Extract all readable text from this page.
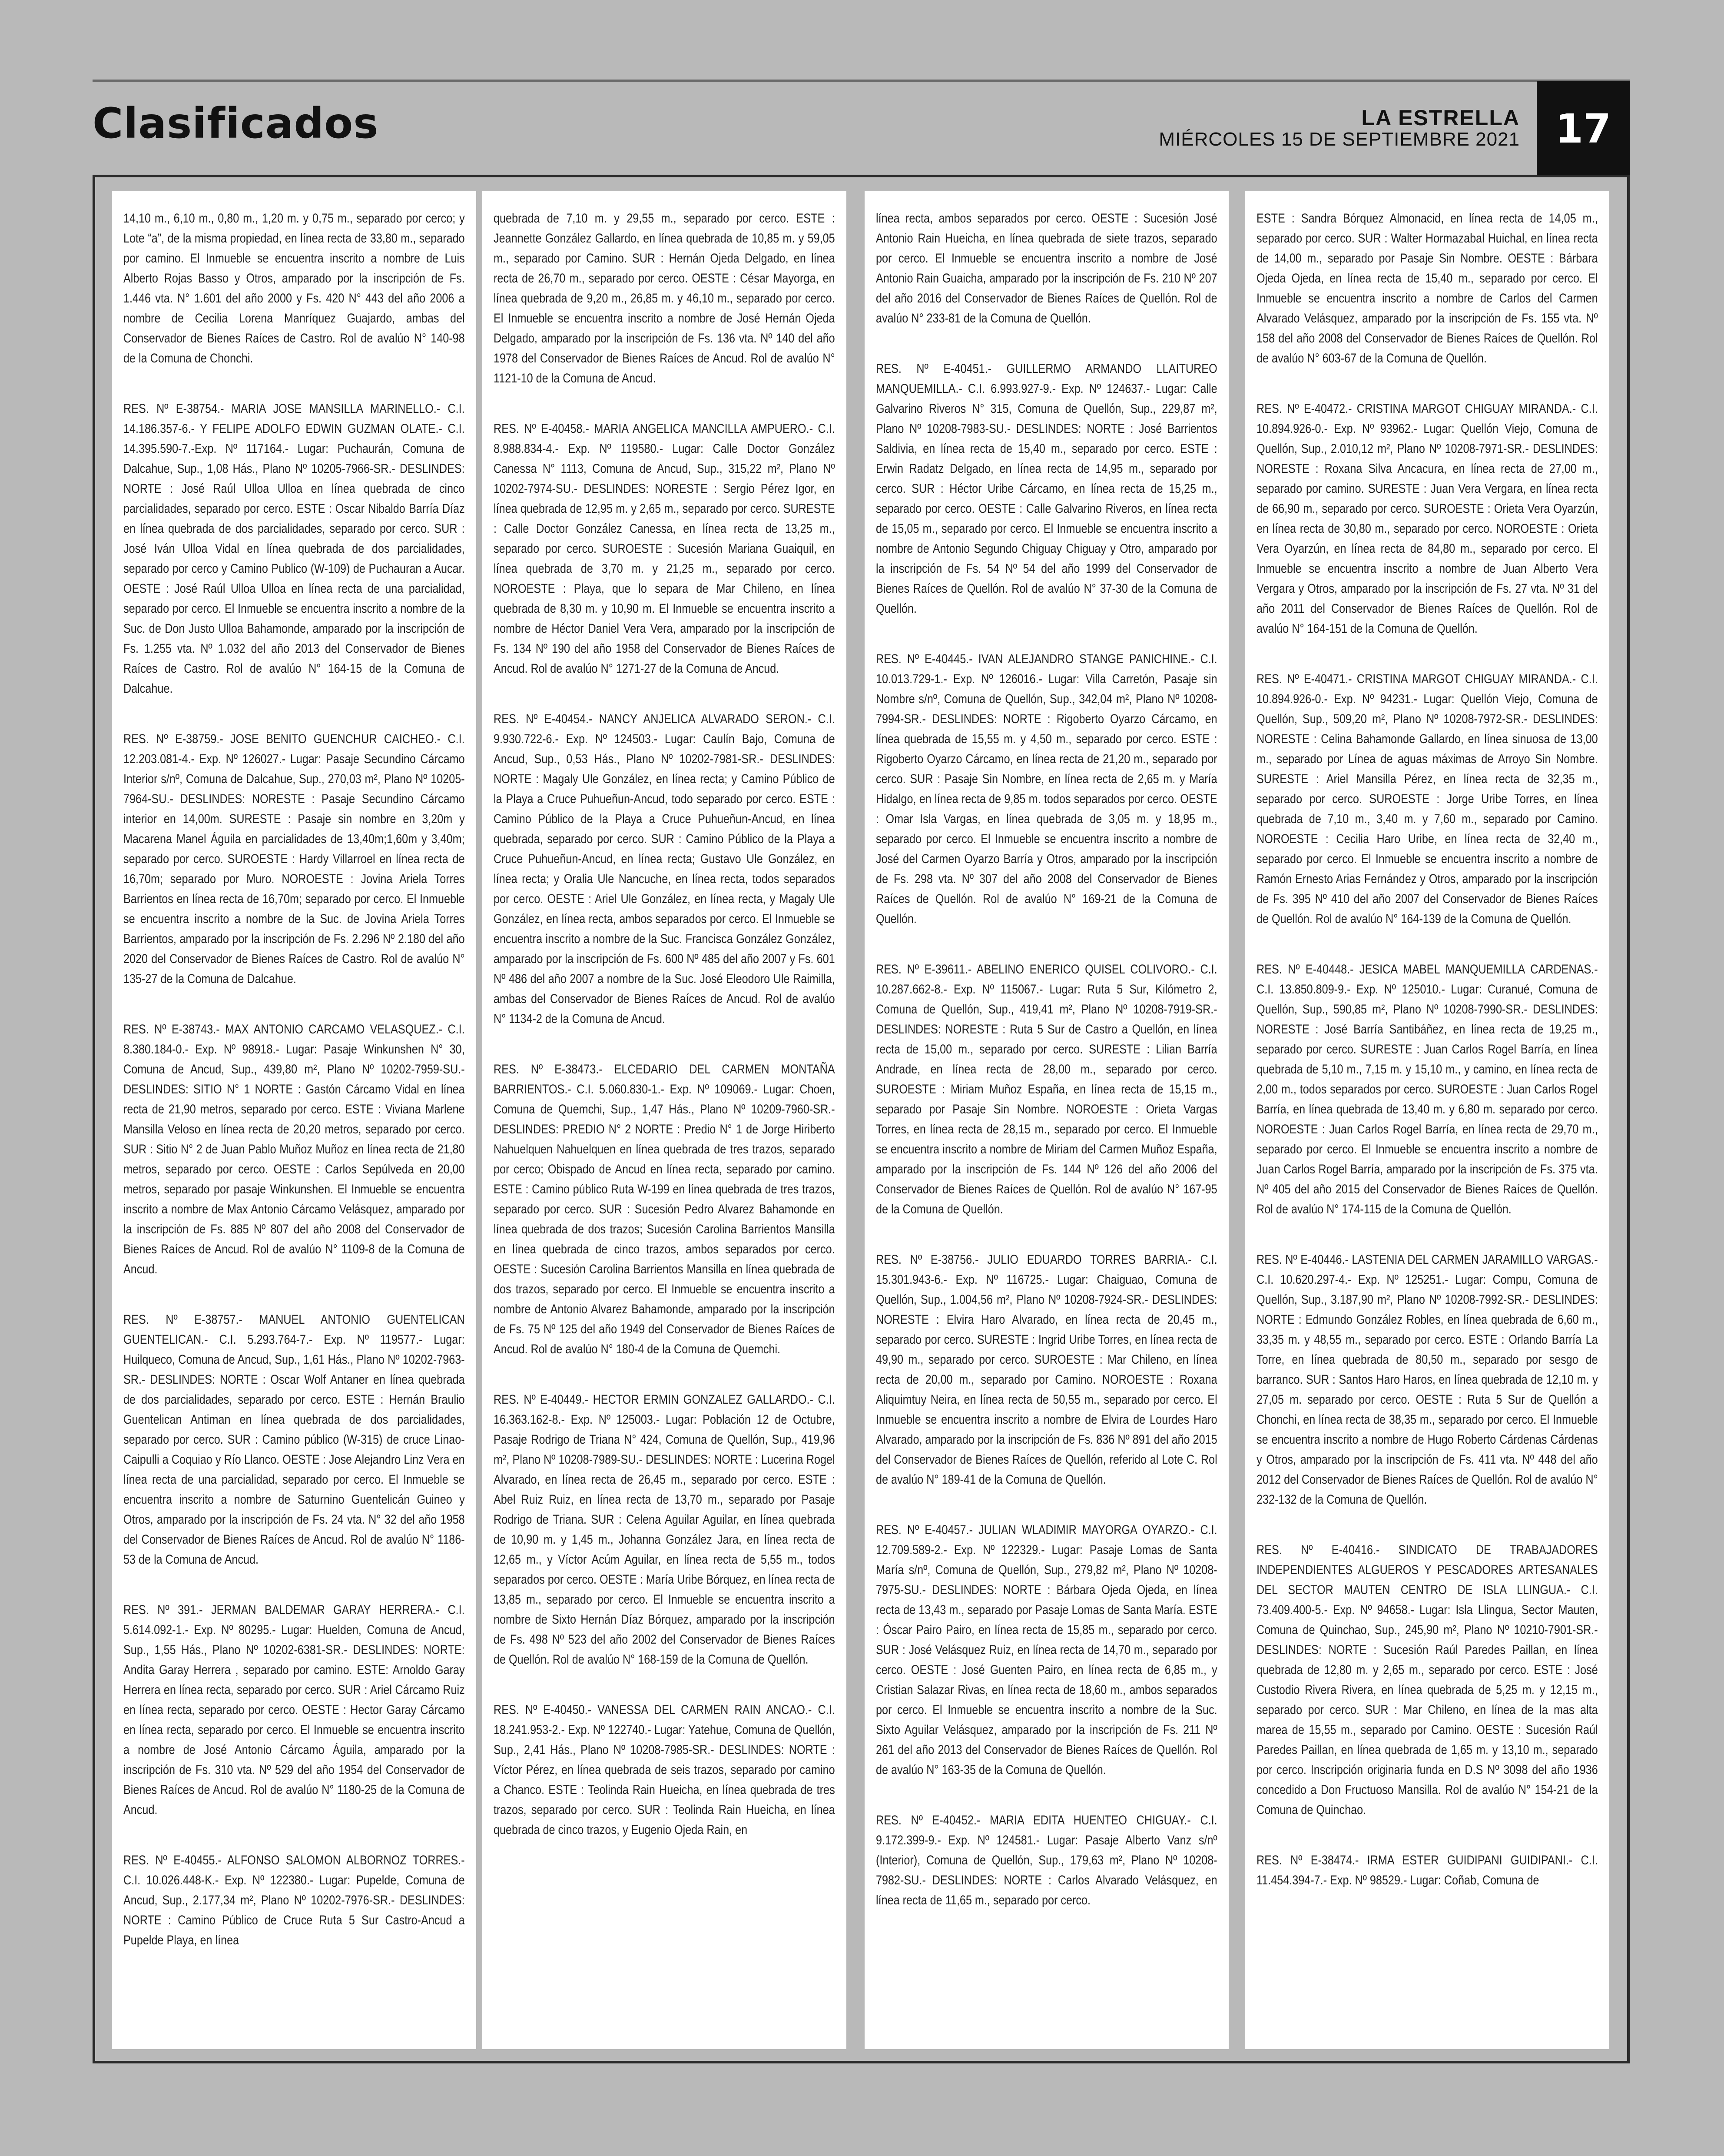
Clasificados	LA ESTRELLA
MIÉRCOLES 15 DE SEPTIEMBRE 2021 17

14,10 m., 6,10 m., 0,80 m., 1,20 m. y 0,75 m., separado por cerco; y Lote “a”, de la misma propiedad, en línea recta de 33,80 m., separado por camino. El Inmueble se encuentra inscrito a nombre de Luis Alberto Rojas Basso y Otros, amparado por la inscripción de Fs. 1.446 vta. N° 1.601 del año 2000 y Fs. 420 N° 443 del año 2006 a nombre de Cecilia Lorena Manríquez Guajardo, ambas del Conservador de Bienes Raíces de Castro. Rol de avalúo N° 140-98 de la Comuna de Chonchi.

RES. Nº E-38754.- MARIA JOSE MANSILLA MARINELLO.- C.I. 14.186.357-6.- Y FELIPE ADOLFO EDWIN GUZMAN OLATE.- C.I. 14.395.590-7.-Exp. Nº 117164.- Lugar: Puchaurán, Comuna de Dalcahue, Sup., 1,08 Hás., Plano Nº 10205-7966-SR.- DESLINDES: NORTE : José Raúl Ulloa Ulloa en línea quebrada de cinco parcialidades, separado por cerco. ESTE : Oscar Nibaldo Barría Díaz en línea quebrada de dos parcialidades, separado por cerco. SUR : José Iván Ulloa Vidal en línea quebrada de dos parcialidades, separado por cerco y Camino Publico (W-109) de Puchauran a Aucar. OESTE : José Raúl Ulloa Ulloa en línea recta de una parcialidad, separado por cerco. El Inmueble se encuentra inscrito a nombre de la Suc. de Don Justo Ulloa Bahamonde, amparado por la inscripción de Fs. 1.255 vta. Nº 1.032 del año 2013 del Conservador de Bienes Raíces de Castro. Rol de avalúo N° 164-15 de la Comuna de Dalcahue.

RES. Nº E-38759.- JOSE BENITO GUENCHUR CAICHEO.- C.I. 12.203.081-4.- Exp. Nº 126027.- Lugar: Pasaje Secundino Cárcamo Interior s/nº, Comuna de Dalcahue, Sup., 270,03 m², Plano Nº 10205-7964-SU.- DESLINDES: NORESTE : Pasaje Secundino Cárcamo interior en 14,00m. SURESTE : Pasaje sin nombre en 3,20m y Macarena Manel Águila en parcialidades de 13,40m;1,60m y 3,40m; separado por cerco. SUROESTE : Hardy Villarroel en línea recta de 16,70m; separado por Muro. NOROESTE : Jovina Ariela Torres Barrientos en línea recta de 16,70m; separado por cerco. El Inmueble se encuentra inscrito a nombre de la Suc. de Jovina Ariela Torres Barrientos, amparado por la inscripción de Fs. 2.296 Nº 2.180 del año 2020 del Conservador de Bienes Raíces de Castro. Rol de avalúo N° 135-27 de la Comuna de Dalcahue.

RES. Nº E-38743.- MAX ANTONIO CARCAMO VELASQUEZ.- C.I. 8.380.184-0.- Exp. Nº 98918.- Lugar: Pasaje Winkunshen N° 30, Comuna de Ancud, Sup., 439,80 m², Plano Nº 10202-7959-SU.- DESLINDES: SITIO N° 1 NORTE : Gastón Cárcamo Vidal en línea recta de 21,90 metros, separado por cerco. ESTE : Viviana Marlene Mansilla Veloso en línea recta de 20,20 metros, separado por cerco. SUR : Sitio N° 2 de Juan Pablo Muñoz Muñoz en línea recta de 21,80 metros, separado por cerco. OESTE : Carlos Sepúlveda en 20,00 metros, separado por pasaje Winkunshen. El Inmueble se encuentra inscrito a nombre de Max Antonio Cárcamo Velásquez, amparado por la inscripción de Fs. 885 Nº 807 del año 2008 del Conservador de Bienes Raíces de Ancud. Rol de avalúo N° 1109-8 de la Comuna de Ancud.

RES. Nº E-38757.- MANUEL ANTONIO GUENTELICAN GUENTELICAN.- C.I. 5.293.764-7.- Exp. Nº 119577.- Lugar: Huilqueco, Comuna de Ancud, Sup., 1,61 Hás., Plano Nº 10202-7963-SR.- DESLINDES: NORTE : Oscar Wolf Antaner en línea quebrada de dos parcialidades, separado por cerco. ESTE : Hernán Braulio Guentelican Antiman en línea quebrada de dos parcialidades, separado por cerco. SUR : Camino público (W-315) de cruce Linao-Caipulli a Coquiao y Río Llanco. OESTE : Jose Alejandro Linz Vera en línea recta de una parcialidad, separado por cerco. El Inmueble se encuentra inscrito a nombre de Saturnino Guentelicán Guineo y Otros, amparado por la inscripción de Fs. 24 vta. N° 32 del año 1958 del Conservador de Bienes Raíces de Ancud. Rol de avalúo N° 1186-53 de la Comuna de Ancud.

RES. Nº 391.- JERMAN BALDEMAR GARAY HERRERA.- C.I. 5.614.092-1.- Exp. Nº 80295.- Lugar: Huelden, Comuna de Ancud, Sup., 1,55 Hás., Plano Nº 10202-6381-SR.- DESLINDES: NORTE: Andita Garay Herrera , separado por camino. ESTE: Arnoldo Garay Herrera en línea recta, separado por cerco. SUR : Ariel Cárcamo Ruiz en línea recta, separado por cerco. OESTE : Hector Garay Cárcamo en línea recta, separado por cerco. El Inmueble se encuentra inscrito a nombre de José Antonio Cárcamo Águila, amparado por la inscripción de Fs. 310 vta. Nº 529 del año 1954 del Conservador de Bienes Raíces de Ancud. Rol de avalúo N° 1180-25 de la Comuna de Ancud.

RES. Nº E-40455.- ALFONSO SALOMON ALBORNOZ TORRES.- C.I. 10.026.448-K.- Exp. Nº 122380.- Lugar: Pupelde, Comuna de Ancud, Sup., 2.177,34 m², Plano Nº 10202-7976-SR.- DESLINDES: NORTE : Camino Público de Cruce Ruta 5 Sur Castro-Ancud a Pupelde Playa, en línea

quebrada de 7,10 m. y 29,55 m., separado por cerco. ESTE : Jeannette González Gallardo, en línea quebrada de 10,85 m. y 59,05 m., separado por Camino. SUR : Hernán Ojeda Delgado, en línea recta de 26,70 m., separado por cerco. OESTE : César Mayorga, en línea quebrada de 9,20 m., 26,85 m. y 46,10 m., separado por cerco. El Inmueble se encuentra inscrito a nombre de José Hernán Ojeda Delgado, amparado por la inscripción de Fs. 136 vta. Nº 140 del año 1978 del Conservador de Bienes Raíces de Ancud. Rol de avalúo N° 1121-10 de la Comuna de Ancud.

RES. Nº E-40458.- MARIA ANGELICA MANCILLA AMPUERO.- C.I. 8.988.834-4.- Exp. Nº 119580.- Lugar: Calle Doctor González Canessa N° 1113, Comuna de Ancud, Sup., 315,22 m², Plano Nº 10202-7974-SU.- DESLINDES: NORESTE : Sergio Pérez Igor, en línea quebrada de 12,95 m. y 2,65 m., separado por cerco. SURESTE : Calle Doctor González Canessa, en línea recta de 13,25 m., separado por cerco. SUROESTE : Sucesión Mariana Guaiquil, en línea quebrada de 3,70 m. y 21,25 m., separado por cerco. NOROESTE : Playa, que lo separa de Mar Chileno, en línea quebrada de 8,30 m. y 10,90 m. El Inmueble se encuentra inscrito a nombre de Héctor Daniel Vera Vera, amparado por la inscripción de Fs. 134 Nº 190 del año 1958 del Conservador de Bienes Raíces de Ancud. Rol de avalúo N° 1271-27 de la Comuna de Ancud.

RES. Nº E-40454.- NANCY ANJELICA ALVARADO SERON.- C.I. 9.930.722-6.- Exp. Nº 124503.- Lugar: Caulín Bajo, Comuna de Ancud, Sup., 0,53 Hás., Plano Nº 10202-7981-SR.- DESLINDES: NORTE : Magaly Ule González, en línea recta; y Camino Público de la Playa a Cruce Puhueñun-Ancud, todo separado por cerco. ESTE : Camino Público de la Playa a Cruce Puhueñun-Ancud, en línea quebrada, separado por cerco. SUR : Camino Público de la Playa a Cruce Puhueñun-Ancud, en línea recta; Gustavo Ule González, en línea recta; y Oralia Ule Nancuche, en línea recta, todos separados por cerco. OESTE : Ariel Ule González, en línea recta, y Magaly Ule González, en línea recta, ambos separados por cerco. El Inmueble se encuentra inscrito a nombre de la Suc. Francisca González González, amparado por la inscripción de Fs. 600 Nº 485 del año 2007 y Fs. 601 Nº 486 del año 2007 a nombre de la Suc. José Eleodoro Ule Raimilla, ambas del Conservador de Bienes Raíces de Ancud. Rol de avalúo N° 1134-2 de la Comuna de Ancud.

RES. Nº E-38473.- ELCEDARIO DEL CARMEN MONTAÑA BARRIENTOS.- C.I. 5.060.830-1.- Exp. Nº 109069.- Lugar: Choen, Comuna de Quemchi, Sup., 1,47 Hás., Plano Nº 10209-7960-SR.- DESLINDES: PREDIO N° 2 NORTE : Predio N° 1 de Jorge Hiriberto Nahuelquen Nahuelquen en línea quebrada de tres trazos, separado por cerco; Obispado de Ancud en línea recta, separado por camino. ESTE : Camino público Ruta W-199 en línea quebrada de tres trazos, separado por cerco. SUR : Sucesión Pedro Alvarez Bahamonde en línea quebrada de dos trazos; Sucesión Carolina Barrientos Mansilla en línea quebrada de cinco trazos, ambos separados por cerco. OESTE : Sucesión Carolina Barrientos Mansilla en línea quebrada de dos trazos, separado por cerco. El Inmueble se encuentra inscrito a nombre de Antonio Alvarez Bahamonde, amparado por la inscripción de Fs. 75 Nº 125 del año 1949 del Conservador de Bienes Raíces de Ancud. Rol de avalúo N° 180-4 de la Comuna de Quemchi.

RES. Nº E-40449.- HECTOR ERMIN GONZALEZ GALLARDO.- C.I. 16.363.162-8.- Exp. Nº 125003.- Lugar: Población 12 de Octubre, Pasaje Rodrigo de Triana N° 424, Comuna de Quellón, Sup., 419,96 m², Plano Nº 10208-7989-SU.- DESLINDES: NORTE : Lucerina Rogel Alvarado, en línea recta de 26,45 m., separado por cerco. ESTE : Abel Ruiz Ruiz, en línea recta de 13,70 m., separado por Pasaje Rodrigo de Triana. SUR : Celena Aguilar Aguilar, en línea quebrada de 10,90 m. y 1,45 m., Johanna González Jara, en línea recta de 12,65 m., y Víctor Acúm Aguilar, en línea recta de 5,55 m., todos separados por cerco. OESTE : María Uribe Bórquez, en línea recta de 13,85 m., separado por cerco. El Inmueble se encuentra inscrito a nombre de Sixto Hernán Díaz Bórquez, amparado por la inscripción de Fs. 498 Nº 523 del año 2002 del Conservador de Bienes Raíces de Quellón. Rol de avalúo N° 168-159 de la Comuna de Quellón.

RES. Nº E-40450.- VANESSA DEL CARMEN RAIN ANCAO.- C.I. 18.241.953-2.- Exp. Nº 122740.- Lugar: Yatehue, Comuna de Quellón, Sup., 2,41 Hás., Plano Nº 10208-7985-SR.- DESLINDES: NORTE : Víctor Pérez, en línea quebrada de seis trazos, separado por camino a Chanco. ESTE : Teolinda Rain Hueicha, en línea quebrada de tres trazos, separado por cerco. SUR : Teolinda Rain Hueicha, en línea quebrada de cinco trazos, y Eugenio Ojeda Rain, en

línea recta, ambos separados por cerco. OESTE : Sucesión José Antonio Rain Hueicha, en línea quebrada de siete trazos, separado por cerco. El Inmueble se encuentra inscrito a nombre de José Antonio Rain Guaicha, amparado por la inscripción de Fs. 210 Nº 207 del año 2016 del Conservador de Bienes Raíces de Quellón. Rol de avalúo N° 233-81 de la Comuna de Quellón.

RES. Nº E-40451.- GUILLERMO ARMANDO LLAITUREO MANQUEMILLA.- C.I. 6.993.927-9.- Exp. Nº 124637.- Lugar: Calle Galvarino Riveros N° 315, Comuna de Quellón, Sup., 229,87 m², Plano Nº 10208-7983-SU.- DESLINDES: NORTE : José Barrientos Saldivia, en línea recta de 15,40 m., separado por cerco. ESTE : Erwin Radatz Delgado, en línea recta de 14,95 m., separado por cerco. SUR : Héctor Uribe Cárcamo, en línea recta de 15,25 m., separado por cerco. OESTE : Calle Galvarino Riveros, en línea recta de 15,05 m., separado por cerco. El Inmueble se encuentra inscrito a nombre de Antonio Segundo Chiguay Chiguay y Otro, amparado por la inscripción de Fs. 54 Nº 54 del año 1999 del Conservador de Bienes Raíces de Quellón. Rol de avalúo N° 37-30 de la Comuna de Quellón.

RES. Nº E-40445.- IVAN ALEJANDRO STANGE PANICHINE.- C.I. 10.013.729-1.- Exp. Nº 126016.- Lugar: Villa Carretón, Pasaje sin Nombre s/nº, Comuna de Quellón, Sup., 342,04 m², Plano Nº 10208-7994-SR.- DESLINDES: NORTE : Rigoberto Oyarzo Cárcamo, en línea quebrada de 15,55 m. y 4,50 m., separado por cerco. ESTE : Rigoberto Oyarzo Cárcamo, en línea recta de 21,20 m., separado por cerco. SUR : Pasaje Sin Nombre, en línea recta de 2,65 m. y María Hidalgo, en línea recta de 9,85 m. todos separados por cerco. OESTE : Omar Isla Vargas, en línea quebrada de 3,05 m. y 18,95 m., separado por cerco. El Inmueble se encuentra inscrito a nombre de José del Carmen Oyarzo Barría y Otros, amparado por la inscripción de Fs. 298 vta. Nº 307 del año 2008 del Conservador de Bienes Raíces de Quellón. Rol de avalúo N° 169-21 de la Comuna de Quellón.

RES. Nº E-39611.- ABELINO ENERICO QUISEL COLIVORO.- C.I. 10.287.662-8.- Exp. Nº 115067.- Lugar: Ruta 5 Sur, Kilómetro 2, Comuna de Quellón, Sup., 419,41 m², Plano Nº 10208-7919-SR.- DESLINDES: NORESTE : Ruta 5 Sur de Castro a Quellón, en línea recta de 15,00 m., separado por cerco. SURESTE : Lilian Barría Andrade, en línea recta de 28,00 m., separado por cerco. SUROESTE : Miriam Muñoz España, en línea recta de 15,15 m., separado por Pasaje Sin Nombre. NOROESTE : Orieta Vargas Torres, en línea recta de 28,15 m., separado por cerco. El Inmueble se encuentra inscrito a nombre de Miriam del Carmen Muñoz España, amparado por la inscripción de Fs. 144 Nº 126 del año 2006 del Conservador de Bienes Raíces de Quellón. Rol de avalúo N° 167-95 de la Comuna de Quellón.

RES. Nº E-38756.- JULIO EDUARDO TORRES BARRIA.- C.I. 15.301.943-6.- Exp. Nº 116725.- Lugar: Chaiguao, Comuna de Quellón, Sup., 1.004,56 m², Plano Nº 10208-7924-SR.- DESLINDES: NORESTE : Elvira Haro Alvarado, en línea recta de 20,45 m., separado por cerco. SURESTE : Ingrid Uribe Torres, en línea recta de 49,90 m., separado por cerco. SUROESTE : Mar Chileno, en línea recta de 20,00 m., separado por Camino. NOROESTE : Roxana Aliquimtuy Neira, en línea recta de 50,55 m., separado por cerco. El Inmueble se encuentra inscrito a nombre de Elvira de Lourdes Haro Alvarado, amparado por la inscripción de Fs. 836 Nº 891 del año 2015 del Conservador de Bienes Raíces de Quellón, referido al Lote C. Rol de avalúo N° 189-41 de la Comuna de Quellón.

RES. Nº E-40457.- JULIAN WLADIMIR MAYORGA OYARZO.- C.I. 12.709.589-2.- Exp. Nº 122329.- Lugar: Pasaje Lomas de Santa María s/nº, Comuna de Quellón, Sup., 279,82 m², Plano Nº 10208-7975-SU.- DESLINDES: NORTE : Bárbara Ojeda Ojeda, en línea recta de 13,43 m., separado por Pasaje Lomas de Santa María. ESTE : Óscar Pairo Pairo, en línea recta de 15,85 m., separado por cerco. SUR : José Velásquez Ruiz, en línea recta de 14,70 m., separado por cerco. OESTE : José Guenten Pairo, en línea recta de 6,85 m., y Cristian Salazar Rivas, en línea recta de 18,60 m., ambos separados por cerco. El Inmueble se encuentra inscrito a nombre de la Suc. Sixto Aguilar Velásquez, amparado por la inscripción de Fs. 211 Nº 261 del año 2013 del Conservador de Bienes Raíces de Quellón. Rol de avalúo N° 163-35 de la Comuna de Quellón.

RES. Nº E-40452.- MARIA EDITA HUENTEO CHIGUAY.- C.I. 9.172.399-9.- Exp. Nº 124581.- Lugar: Pasaje Alberto Vanz s/nº (Interior), Comuna de Quellón, Sup., 179,63 m², Plano Nº 10208-7982-SU.- DESLINDES: NORTE : Carlos Alvarado Velásquez, en línea recta de 11,65 m., separado por cerco.

ESTE : Sandra Bórquez Almonacid, en línea recta de 14,05 m., separado por cerco. SUR : Walter Hormazabal Huichal, en línea recta de 14,00 m., separado por Pasaje Sin Nombre. OESTE : Bárbara Ojeda Ojeda, en línea recta de 15,40 m., separado por cerco. El Inmueble se encuentra inscrito a nombre de Carlos del Carmen Alvarado Velásquez, amparado por la inscripción de Fs. 155 vta. Nº 158 del año 2008 del Conservador de Bienes Raíces de Quellón. Rol de avalúo N° 603-67 de la Comuna de Quellón.

RES. Nº E-40472.- CRISTINA MARGOT CHIGUAY MIRANDA.- C.I. 10.894.926-0.- Exp. Nº 93962.- Lugar: Quellón Viejo, Comuna de Quellón, Sup., 2.010,12 m², Plano Nº 10208-7971-SR.- DESLINDES: NORESTE : Roxana Silva Ancacura, en línea recta de 27,00 m., separado por camino. SURESTE : Juan Vera Vergara, en línea recta de 66,90 m., separado por cerco. SUROESTE : Orieta Vera Oyarzún, en línea recta de 30,80 m., separado por cerco. NOROESTE : Orieta Vera Oyarzún, en línea recta de 84,80 m., separado por cerco. El Inmueble se encuentra inscrito a nombre de Juan Alberto Vera Vergara y Otros, amparado por la inscripción de Fs. 27 vta. Nº 31 del año 2011 del Conservador de Bienes Raíces de Quellón. Rol de avalúo N° 164-151 de la Comuna de Quellón.

RES. Nº E-40471.- CRISTINA MARGOT CHIGUAY MIRANDA.- C.I. 10.894.926-0.- Exp. Nº 94231.- Lugar: Quellón Viejo, Comuna de Quellón, Sup., 509,20 m², Plano Nº 10208-7972-SR.- DESLINDES: NORESTE : Celina Bahamonde Gallardo, en línea sinuosa de 13,00 m., separado por Línea de aguas máximas de Arroyo Sin Nombre. SURESTE : Ariel Mansilla Pérez, en línea recta de 32,35 m., separado por cerco. SUROESTE : Jorge Uribe Torres, en línea quebrada de 7,10 m., 3,40 m. y 7,60 m., separado por Camino. NOROESTE : Cecilia Haro Uribe, en línea recta de 32,40 m., separado por cerco. El Inmueble se encuentra inscrito a nombre de Ramón Ernesto Arias Fernández y Otros, amparado por la inscripción de Fs. 395 Nº 410 del año 2007 del Conservador de Bienes Raíces de Quellón. Rol de avalúo N° 164-139 de la Comuna de Quellón.

RES. Nº E-40448.- JESICA MABEL MANQUEMILLA CARDENAS.- C.I. 13.850.809-9.- Exp. Nº 125010.- Lugar: Curanué, Comuna de Quellón, Sup., 590,85 m², Plano Nº 10208-7990-SR.- DESLINDES: NORESTE : José Barría Santibáñez, en línea recta de 19,25 m., separado por cerco. SURESTE : Juan Carlos Rogel Barría, en línea quebrada de 5,10 m., 7,15 m. y 15,10 m., y camino, en línea recta de 2,00 m., todos separados por cerco. SUROESTE : Juan Carlos Rogel Barría, en línea quebrada de 13,40 m. y 6,80 m. separado por cerco. NOROESTE : Juan Carlos Rogel Barría, en línea recta de 29,70 m., separado por cerco. El Inmueble se encuentra inscrito a nombre de Juan Carlos Rogel Barría, amparado por la inscripción de Fs. 375 vta. Nº 405 del año 2015 del Conservador de Bienes Raíces de Quellón. Rol de avalúo N° 174-115 de la Comuna de Quellón.

RES. Nº E-40446.- LASTENIA DEL CARMEN JARAMILLO VARGAS.- C.I. 10.620.297-4.- Exp. Nº 125251.- Lugar: Compu, Comuna de Quellón, Sup., 3.187,90 m², Plano Nº 10208-7992-SR.- DESLINDES: NORTE : Edmundo González Robles, en línea quebrada de 6,60 m., 33,35 m. y 48,55 m., separado por cerco. ESTE : Orlando Barría La Torre, en línea quebrada de 80,50 m., separado por sesgo de barranco. SUR : Santos Haro Haros, en línea quebrada de 12,10 m. y 27,05 m. separado por cerco. OESTE : Ruta 5 Sur de Quellón a Chonchi, en línea recta de 38,35 m., separado por cerco. El Inmueble se encuentra inscrito a nombre de Hugo Roberto Cárdenas Cárdenas y Otros, amparado por la inscripción de Fs. 411 vta. Nº 448 del año 2012 del Conservador de Bienes Raíces de Quellón. Rol de avalúo N° 232-132 de la Comuna de Quellón.

RES. Nº E-40416.- SINDICATO DE TRABAJADORES INDEPENDIENTES ALGUEROS Y PESCADORES ARTESANALES DEL SECTOR MAUTEN CENTRO DE ISLA LLINGUA.- C.I. 73.409.400-5.- Exp. Nº 94658.- Lugar: Isla Llingua, Sector Mauten, Comuna de Quinchao, Sup., 245,90 m², Plano Nº 10210-7901-SR.- DESLINDES: NORTE : Sucesión Raúl Paredes Paillan, en línea quebrada de 12,80 m. y 2,65 m., separado por cerco. ESTE : José Custodio Rivera Rivera, en línea quebrada de 5,25 m. y 12,15 m., separado por cerco. SUR : Mar Chileno, en línea de la mas alta marea de 15,55 m., separado por Camino. OESTE : Sucesión Raúl Paredes Paillan, en línea quebrada de 1,65 m. y 13,10 m., separado por cerco. Inscripción originaria funda en D.S Nº 3098 del año 1936 concedido a Don Fructuoso Mansilla. Rol de avalúo N° 154-21 de la Comuna de Quinchao.

RES. Nº E-38474.- IRMA ESTER GUIDIPANI GUIDIPANI.- C.I. 11.454.394-7.- Exp. Nº 98529.- Lugar: Coñab, Comuna de
